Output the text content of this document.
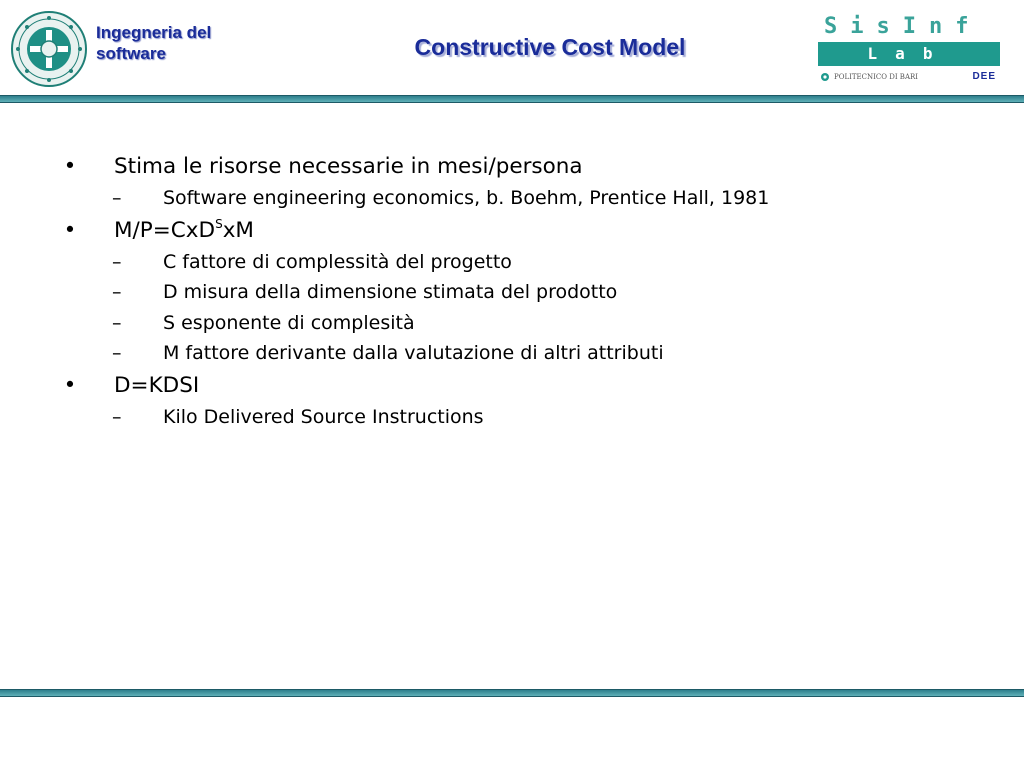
Ingegneria del
software	Constructive Cost Model
SisInf
Lab
POLITECNICO DI BARI	DEE
• Stima le risorse necessarie in mesi/persona
– Software engineering economics, b. Boehm, Prentice Hall, 1981
• M/P=CxD$^S$xM
– C fattore di complessità del progetto
– D misura della dimensione stimata del prodotto
– S esponente di complesità
– M fattore derivante dalla valutazione di altri attributi
• D=KDSI
– Kilo Delivered Source Instructions
